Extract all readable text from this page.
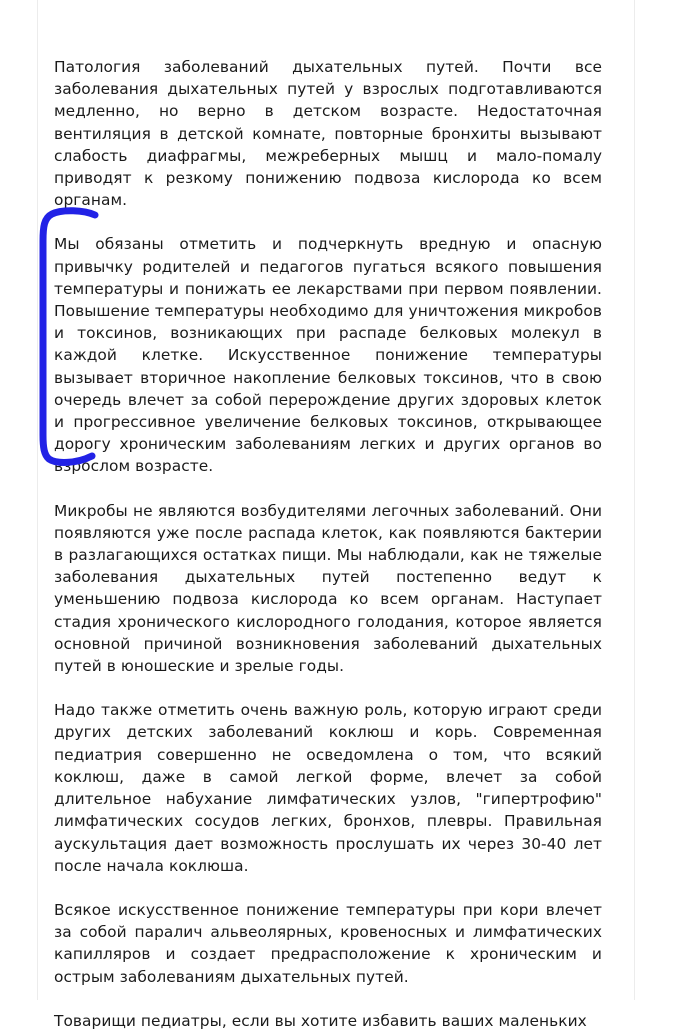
Патология заболеваний дыхательных путей. Почти все заболевания дыхательных путей у взрослых подготавливаются медленно, но верно в детском возрасте. Недостаточная вентиляция в детской комнате, повторные бронхиты вызывают слабость диафрагмы, межреберных мышц и мало-помалу приводят к резкому понижению подвоза кислорода ко всем органам.

Мы обязаны отметить и подчеркнуть вредную и опасную привычку родителей и педагогов пугаться всякого повышения температуры и понижать ее лекарствами при первом появлении. Повышение температуры необходимо для уничтожения микробов и токсинов, возникающих при распаде белковых молекул в каждой клетке. Искусственное понижение температуры вызывает вторичное накопление белковых токсинов, что в свою очередь влечет за собой перерождение других здоровых клеток и прогрессивное увеличение белковых токсинов, открывающее дорогу хроническим заболеваниям легких и других органов во взрослом возрасте.

Микробы не являются возбудителями легочных заболеваний. Они появляются уже после распада клеток, как появляются бактерии в разлагающихся остатках пищи. Мы наблюдали, как не тяжелые заболевания дыхательных путей постепенно ведут к уменьшению подвоза кислорода ко всем органам. Наступает стадия хронического кислородного голодания, которое является основной причиной возникновения заболеваний дыхательных путей в юношеские и зрелые годы.

Надо также отметить очень важную роль, которую играют среди других детских заболеваний коклюш и корь. Современная педиатрия совершенно не осведомлена о том, что всякий коклюш, даже в самой легкой форме, влечет за собой длительное набухание лимфатических узлов, "гипертрофию" лимфатических сосудов легких, бронхов, плевры. Правильная аускультация дает возможность прослушать их через 30-40 лет после начала коклюша.

Всякое искусственное понижение температуры при кори влечет за собой паралич альвеолярных, кровеносных и лимфатических капилляров и создает предрасположение к хроническим и острым заболеваниям дыхательных путей.

Товарищи педиатры, если вы хотите избавить ваших маленьких
